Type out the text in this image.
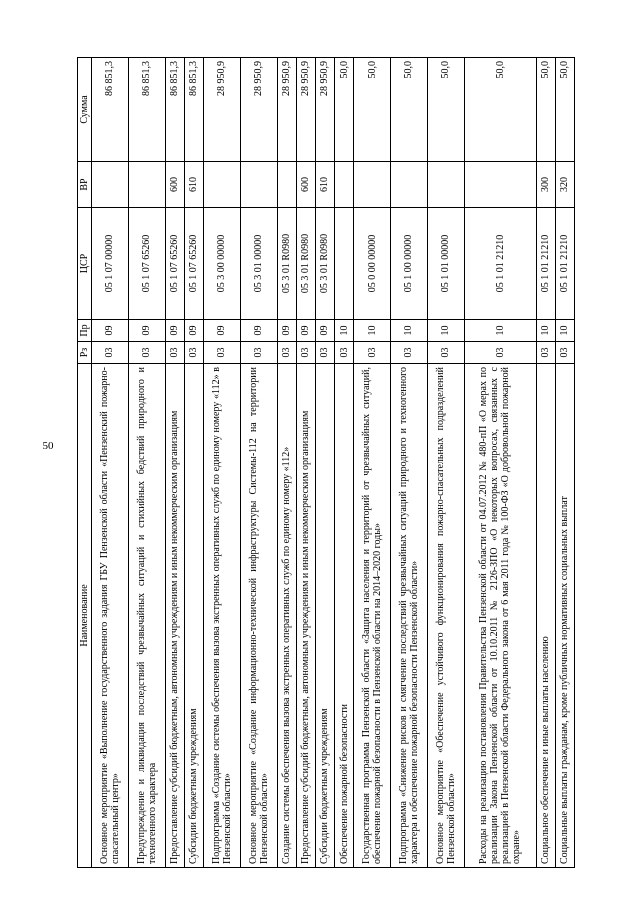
50
Наименование	Рз	Пр	ЦСР	ВР	Сумма
Основное мероприятие «Выполнение государственного задания ГБУ Пензенской области «Пензенский пожарно-спасательный центр»	03	09	05 1 07 00000		86 851,3
Предупреждение и ликвидация последствий чрезвычайных ситуаций и стихийных бедствий природного и техногенного характера	03	09	05 1 07 65260		86 851,3
Предоставление субсидий бюджетным, автономным учреждениям и иным некоммерческим организациям	03	09	05 1 07 65260	600	86 851,3
Субсидии бюджетным учреждениям	03	09	05 1 07 65260	610	86 851,3
Подпрограмма «Создание системы обеспечения вызова экстренных оперативных служб по единому номеру «112» в Пензенской области»	03	09	05 3 00 00000		28 950,9
Основное мероприятие «Создание информационно-технической инфраструктуры Системы-112 на территории Пензенской области»	03	09	05 3 01 00000		28 950,9
Создание системы обеспечения вызова экстренных оперативных служб по единому номеру «112»	03	09	05 3 01 R0980		28 950,9
Предоставление субсидий бюджетным, автономным учреждениям и иным некоммерческим организациям	03	09	05 3 01 R0980	600	28 950,9
Субсидии бюджетным учреждениям	03	09	05 3 01 R0980	610	28 950,9
Обеспечение пожарной безопасности	03	10			50,0
Государственная программа Пензенской области «Защита населения и территорий от чрезвычайных ситуаций, обеспечение пожарной безопасности в Пензенской области на 2014–2020 годы»	03	10	05 0 00 00000		50,0
Подпрограмма «Снижение рисков и смягчение последствий чрезвычайных ситуаций природного и техногенного характера и обеспечение пожарной безопасности Пензенской области»	03	10	05 1 00 00000		50,0
Основное мероприятие «Обеспечение устойчивого функционирования пожарно-спасательных подразделений Пензенской области»	03	10	05 1 01 00000		50,0
Расходы на реализацию постановления Правительства Пензенской области от 04.07.2012 № 480-пП «О мерах по реализации Закона Пензенской области от 10.10.2011 № 2126-ЗПО «О некоторых вопросах, связанных с реализацией в Пензенской области Федерального закона от 6 мая 2011 года № 100-ФЗ «О добровольной пожарной охране»	03	10	05 1 01 21210		50,0
Социальное обеспечение и иные выплаты населению	03	10	05 1 01 21210	300	50,0
Социальные выплаты гражданам, кроме публичных нормативных социальных выплат	03	10	05 1 01 21210	320	50,0
